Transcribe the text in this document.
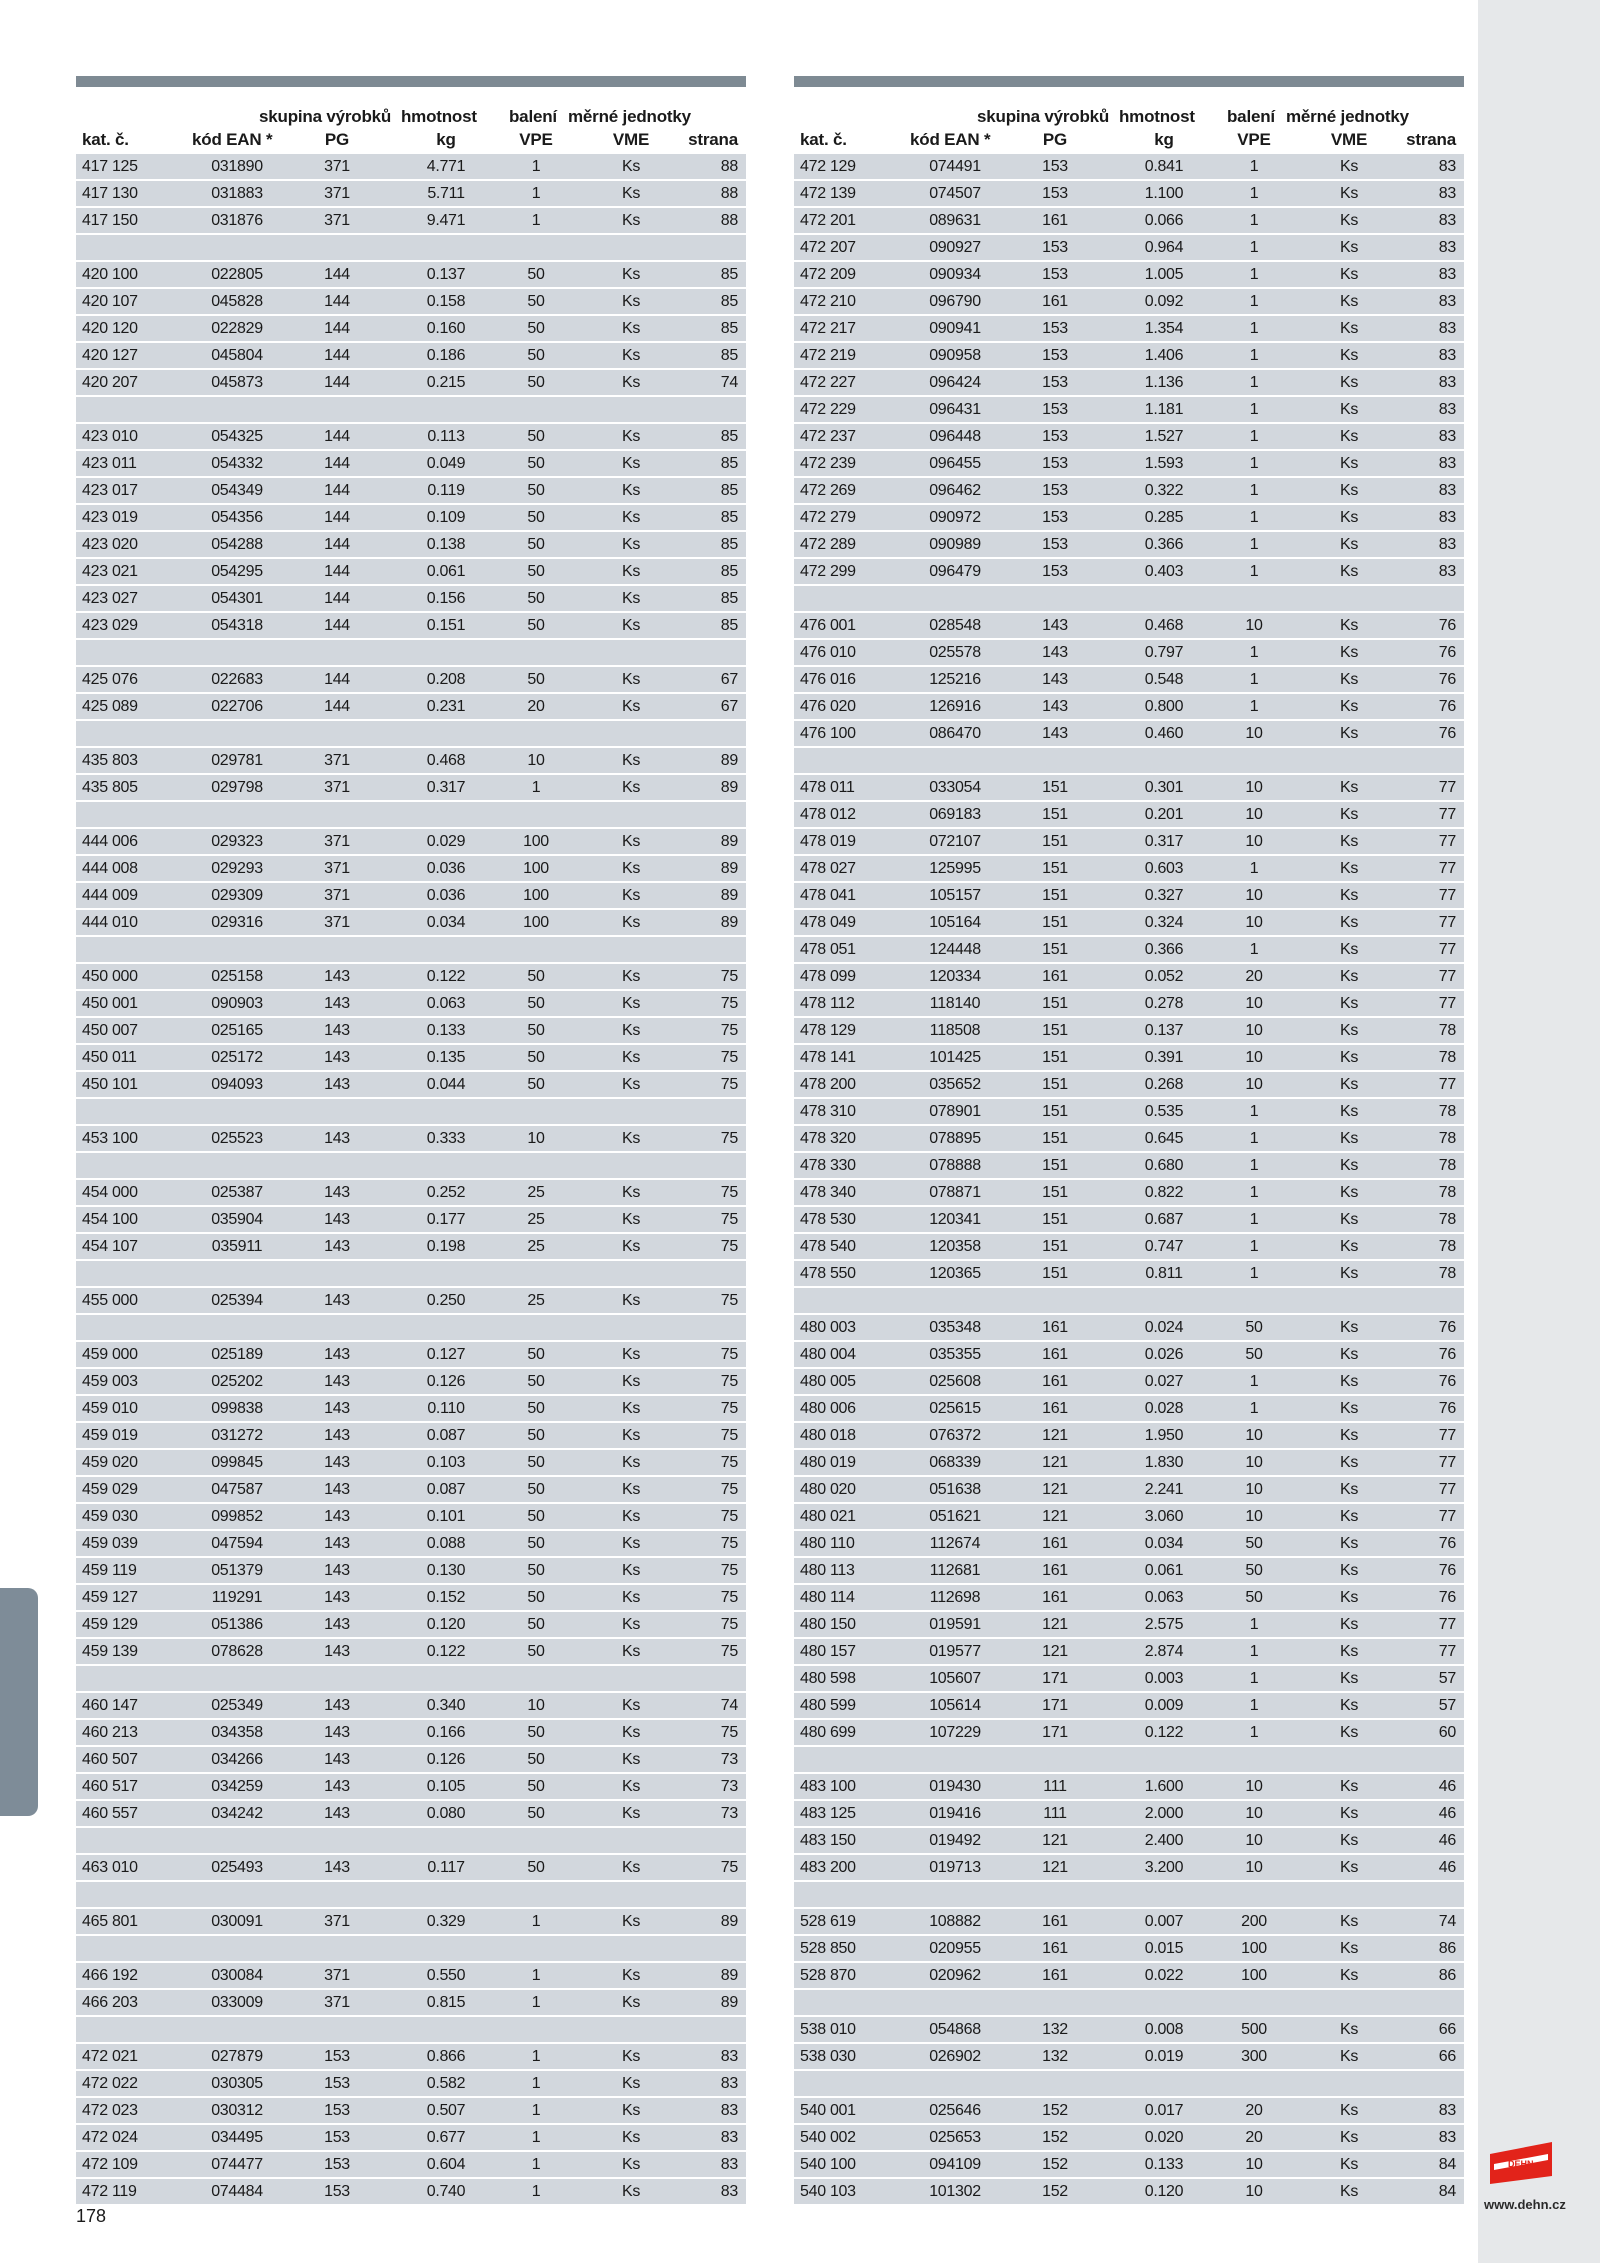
skupina výrobků hmotnost balení měrné jednotky
kat. č.	kód EAN *	PG	kg	VPE	VME	strana
417 125	031890	371	4.771	1	Ks	88
417 130	031883	371	5.711	1	Ks	88
417 150	031876	371	9.471	1	Ks	88
420 100	022805	144	0.137	50	Ks	85
420 107	045828	144	0.158	50	Ks	85
420 120	022829	144	0.160	50	Ks	85
420 127	045804	144	0.186	50	Ks	85
420 207	045873	144	0.215	50	Ks	74
423 010	054325	144	0.113	50	Ks	85
423 011	054332	144	0.049	50	Ks	85
423 017	054349	144	0.119	50	Ks	85
423 019	054356	144	0.109	50	Ks	85
423 020	054288	144	0.138	50	Ks	85
423 021	054295	144	0.061	50	Ks	85
423 027	054301	144	0.156	50	Ks	85
423 029	054318	144	0.151	50	Ks	85
425 076	022683	144	0.208	50	Ks	67
425 089	022706	144	0.231	20	Ks	67
435 803	029781	371	0.468	10	Ks	89
435 805	029798	371	0.317	1	Ks	89
444 006	029323	371	0.029	100	Ks	89
444 008	029293	371	0.036	100	Ks	89
444 009	029309	371	0.036	100	Ks	89
444 010	029316	371	0.034	100	Ks	89
450 000	025158	143	0.122	50	Ks	75
450 001	090903	143	0.063	50	Ks	75
450 007	025165	143	0.133	50	Ks	75
450 011	025172	143	0.135	50	Ks	75
450 101	094093	143	0.044	50	Ks	75
453 100	025523	143	0.333	10	Ks	75
454 000	025387	143	0.252	25	Ks	75
454 100	035904	143	0.177	25	Ks	75
454 107	035911	143	0.198	25	Ks	75
455 000	025394	143	0.250	25	Ks	75
459 000	025189	143	0.127	50	Ks	75
459 003	025202	143	0.126	50	Ks	75
459 010	099838	143	0.110	50	Ks	75
459 019	031272	143	0.087	50	Ks	75
459 020	099845	143	0.103	50	Ks	75
459 029	047587	143	0.087	50	Ks	75
459 030	099852	143	0.101	50	Ks	75
459 039	047594	143	0.088	50	Ks	75
459 119	051379	143	0.130	50	Ks	75
459 127	119291	143	0.152	50	Ks	75
459 129	051386	143	0.120	50	Ks	75
459 139	078628	143	0.122	50	Ks	75
460 147	025349	143	0.340	10	Ks	74
460 213	034358	143	0.166	50	Ks	75
460 507	034266	143	0.126	50	Ks	73
460 517	034259	143	0.105	50	Ks	73
460 557	034242	143	0.080	50	Ks	73
463 010	025493	143	0.117	50	Ks	75
465 801	030091	371	0.329	1	Ks	89
466 192	030084	371	0.550	1	Ks	89
466 203	033009	371	0.815	1	Ks	89
472 021	027879	153	0.866	1	Ks	83
472 022	030305	153	0.582	1	Ks	83
472 023	030312	153	0.507	1	Ks	83
472 024	034495	153	0.677	1	Ks	83
472 109	074477	153	0.604	1	Ks	83
472 119	074484	153	0.740	1	Ks	83
skupina výrobků hmotnost balení měrné jednotky
kat. č.	kód EAN *	PG	kg	VPE	VME	strana
472 129	074491	153	0.841	1	Ks	83
472 139	074507	153	1.100	1	Ks	83
472 201	089631	161	0.066	1	Ks	83
472 207	090927	153	0.964	1	Ks	83
472 209	090934	153	1.005	1	Ks	83
472 210	096790	161	0.092	1	Ks	83
472 217	090941	153	1.354	1	Ks	83
472 219	090958	153	1.406	1	Ks	83
472 227	096424	153	1.136	1	Ks	83
472 229	096431	153	1.181	1	Ks	83
472 237	096448	153	1.527	1	Ks	83
472 239	096455	153	1.593	1	Ks	83
472 269	096462	153	0.322	1	Ks	83
472 279	090972	153	0.285	1	Ks	83
472 289	090989	153	0.366	1	Ks	83
472 299	096479	153	0.403	1	Ks	83
476 001	028548	143	0.468	10	Ks	76
476 010	025578	143	0.797	1	Ks	76
476 016	125216	143	0.548	1	Ks	76
476 020	126916	143	0.800	1	Ks	76
476 100	086470	143	0.460	10	Ks	76
478 011	033054	151	0.301	10	Ks	77
478 012	069183	151	0.201	10	Ks	77
478 019	072107	151	0.317	10	Ks	77
478 027	125995	151	0.603	1	Ks	77
478 041	105157	151	0.327	10	Ks	77
478 049	105164	151	0.324	10	Ks	77
478 051	124448	151	0.366	1	Ks	77
478 099	120334	161	0.052	20	Ks	77
478 112	118140	151	0.278	10	Ks	77
478 129	118508	151	0.137	10	Ks	78
478 141	101425	151	0.391	10	Ks	78
478 200	035652	151	0.268	10	Ks	77
478 310	078901	151	0.535	1	Ks	78
478 320	078895	151	0.645	1	Ks	78
478 330	078888	151	0.680	1	Ks	78
478 340	078871	151	0.822	1	Ks	78
478 530	120341	151	0.687	1	Ks	78
478 540	120358	151	0.747	1	Ks	78
478 550	120365	151	0.811	1	Ks	78
480 003	035348	161	0.024	50	Ks	76
480 004	035355	161	0.026	50	Ks	76
480 005	025608	161	0.027	1	Ks	76
480 006	025615	161	0.028	1	Ks	76
480 018	076372	121	1.950	10	Ks	77
480 019	068339	121	1.830	10	Ks	77
480 020	051638	121	2.241	10	Ks	77
480 021	051621	121	3.060	10	Ks	77
480 110	112674	161	0.034	50	Ks	76
480 113	112681	161	0.061	50	Ks	76
480 114	112698	161	0.063	50	Ks	76
480 150	019591	121	2.575	1	Ks	77
480 157	019577	121	2.874	1	Ks	77
480 598	105607	171	0.003	1	Ks	57
480 599	105614	171	0.009	1	Ks	57
480 699	107229	171	0.122	1	Ks	60
483 100	019430	111	1.600	10	Ks	46
483 125	019416	111	2.000	10	Ks	46
483 150	019492	121	2.400	10	Ks	46
483 200	019713	121	3.200	10	Ks	46
528 619	108882	161	0.007	200	Ks	74
528 850	020955	161	0.015	100	Ks	86
528 870	020962	161	0.022	100	Ks	86
538 010	054868	132	0.008	500	Ks	66
538 030	026902	132	0.019	300	Ks	66
540 001	025646	152	0.017	20	Ks	83
540 002	025653	152	0.020	20	Ks	83
540 100	094109	152	0.133	10	Ks	84
540 103	101302	152	0.120	10	Ks	84
178
DEHN
www.dehn.cz
